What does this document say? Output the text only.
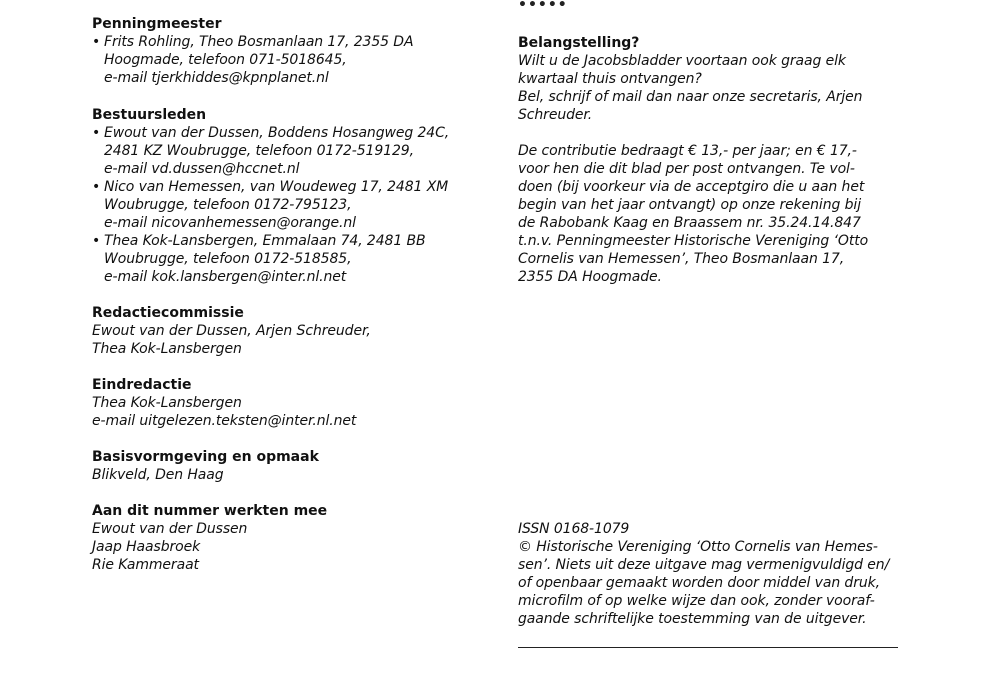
•••••
Penningmeester
• Frits Rohling, Theo Bosmanlaan 17, 2355 DA
Hoogmade, telefoon 071-5018645,
e-mail tjerkhiddes@kpnplanet.nl
Bestuursleden
• Ewout van der Dussen, Boddens Hosangweg 24C,
2481 KZ Woubrugge, telefoon 0172-519129,
e-mail vd.dussen@hccnet.nl
• Nico van Hemessen, van Woudeweg 17, 2481 XM
Woubrugge, telefoon 0172-795123,
e-mail nicovanhemessen@orange.nl
• Thea Kok-Lansbergen, Emmalaan 74, 2481 BB
Woubrugge, telefoon 0172-518585,
e-mail kok.lansbergen@inter.nl.net
Redactiecommissie
Ewout van der Dussen, Arjen Schreuder,
Thea Kok-Lansbergen
Eindredactie
Thea Kok-Lansbergen
e-mail uitgelezen.teksten@inter.nl.net
Basisvormgeving en opmaak
Blikveld, Den Haag
Aan dit nummer werkten mee
Ewout van der Dussen
Jaap Haasbroek
Rie Kammeraat
Belangstelling?
Wilt u de Jacobsbladder voortaan ook graag elk
kwartaal thuis ontvangen?
Bel, schrijf of mail dan naar onze secretaris, Arjen
Schreuder.
De contributie bedraagt € 13,- per jaar; en € 17,-
voor hen die dit blad per post ontvangen. Te vol-
doen (bij voorkeur via de acceptgiro die u aan het
begin van het jaar ontvangt) op onze rekening bij
de Rabobank Kaag en Braassem nr. 35.24.14.847
t.n.v. Penningmeester Historische Vereniging ‘Otto
Cornelis van Hemessen’, Theo Bosmanlaan 17,
2355 DA Hoogmade.
ISSN 0168-1079
© Historische Vereniging ‘Otto Cornelis van Hemes-
sen’. Niets uit deze uitgave mag vermenigvuldigd en/
of openbaar gemaakt worden door middel van druk,
microfilm of op welke wijze dan ook, zonder vooraf-
gaande schriftelijke toestemming van de uitgever.
